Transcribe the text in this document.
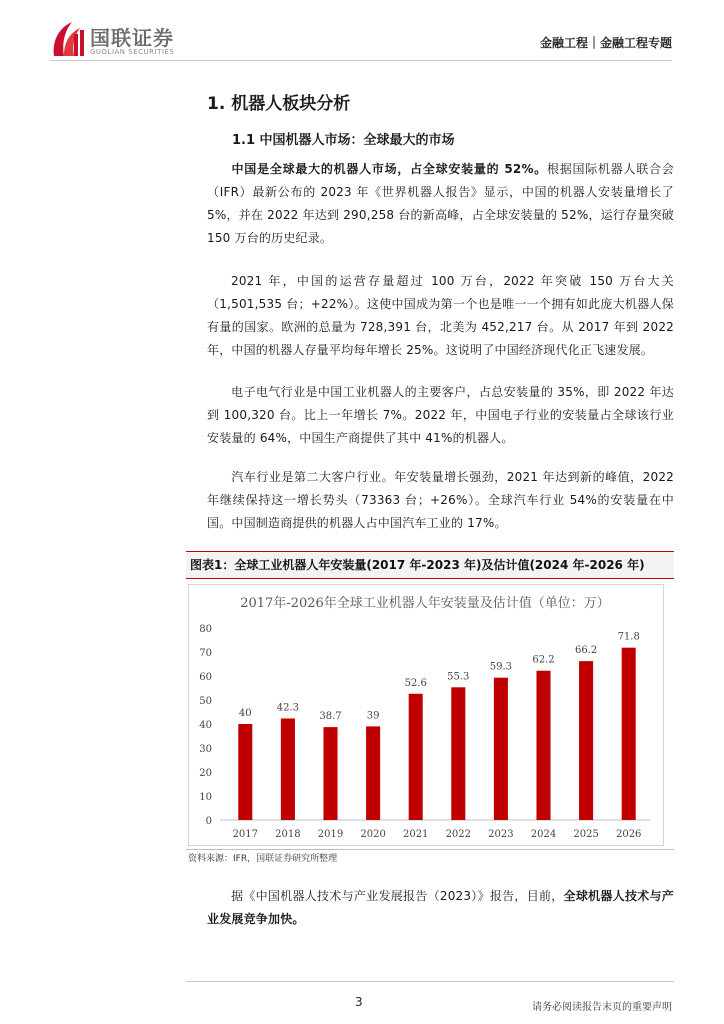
国联证券
GUOLIAN SECURITIES
金融工程｜金融工程专题
1. 机器人板块分析
1.1 中国机器人市场：全球最大的市场
中国是全球最大的机器人市场，占全球安装量的 52%。根据国际机器人联合会（IFR）最新公布的 2023 年《世界机器人报告》显示，中国的机器人安装量增长了 5%，并在 2022 年达到 290,258 台的新高峰，占全球安装量的 52%，运行存量突破 150 万台的历史纪录。
2021 年，中国的运营存量超过 100 万台，2022 年突破 150 万台大关（1,501,535 台；+22%）。这使中国成为第一个也是唯一一个拥有如此庞大机器人保有量的国家。欧洲的总量为 728,391 台，北美为 452,217 台。从 2017 年到 2022 年，中国的机器人存量平均每年增长 25%。这说明了中国经济现代化正飞速发展。
电子电气行业是中国工业机器人的主要客户，占总安装量的 35%，即 2022 年达到 100,320 台。比上一年增长 7%。2022 年，中国电子行业的安装量占全球该行业安装量的 64%，中国生产商提供了其中 41%的机器人。
汽车行业是第二大客户行业。年安装量增长强劲，2021 年达到新的峰值，2022 年继续保持这一增长势头（73363 台；+26%）。全球汽车行业 54%的安装量在中国。中国制造商提供的机器人占中国汽车工业的 17%。
图表1：全球工业机器人年安装量(2017 年-2023 年)及估计值(2024 年-2026 年)
2017年-2026年全球工业机器人年安装量及估计值（单位：万）
0
10
20
30
40
50
60
70
80
40
2017
42.3
2018
38.7
2019
39
2020
52.6
2021
55.3
2022
59.3
2023
62.2
2024
66.2
2025
71.8
2026
资料来源：IFR，国联证券研究所整理
据《中国机器人技术与产业发展报告（2023）》报告，目前，全球机器人技术与产业发展竞争加快。
3	请务必阅读报告末页的重要声明
